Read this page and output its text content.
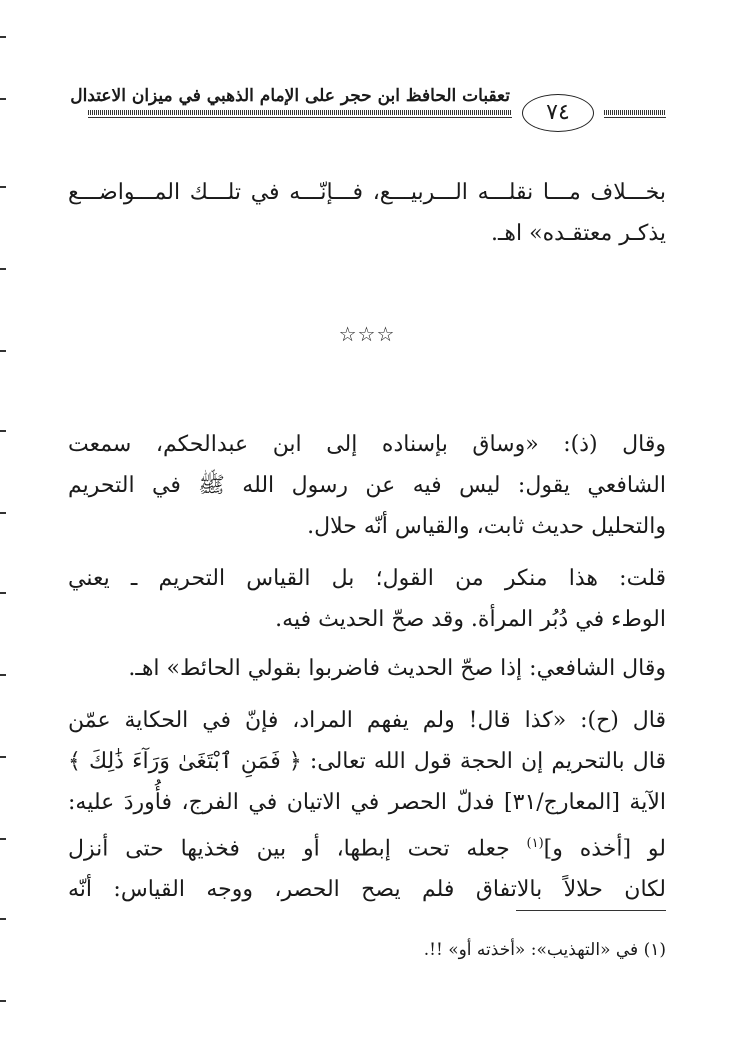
تعقبات الحافظ ابن حجر على الإمام الذهبي في ميزان الاعتدال
٧٤
بخـــلاف مـــا نقلـــه الـــربيـــع، فـــإنّـــه في تلـــك المـــواضـــع
يذكـر معتقـده» اهـ.
☆☆☆
وقال (ذ): «وساق بإسناده إلى ابن عبدالحكم، سمعت
الشافعي يقول: ليس فيه عن رسول الله ﷺ في التحريم
والتحليل حديث ثابت، والقياس أنّه حلال.
قلت: هذا منكر من القول؛ بل القياس التحريم ـ يعني
الوطء في دُبُر المرأة. وقد صحّ الحديث فيه.
وقال الشافعي: إذا صحّ الحديث فاضربوا بقولي الحائط» اهـ.
قال (ح): «كذا قال! ولم يفهم المراد، فإنّ في الحكاية عمّن
قال بالتحريم إن الحجة قول الله تعالى: ﴿ فَمَنِ ٱبْتَغَىٰ وَرَآءَ ذَٰلِكَ ﴾
الآية [المعارج/٣١] فدلّ الحصر في الاتيان في الفرج، فأُوردَ عليه:
لو [أخذه و]$^{(١)}$ جعله تحت إبطها، أو بين فخذيها حتى أنزل
لكان حلالاً بالاتفاق فلم يصح الحصر، ووجه القياس: أنّه
(١) في «التهذيب»: «أخذته أو» !!.
